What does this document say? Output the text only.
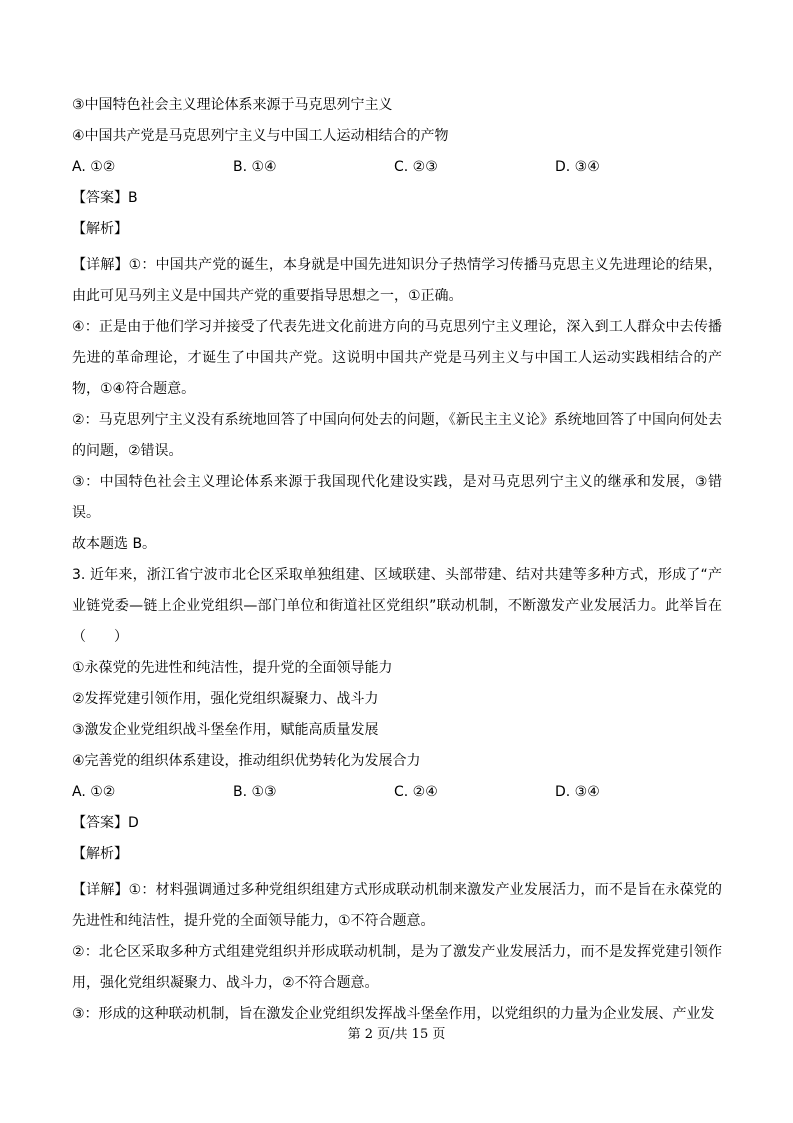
③中国特色社会主义理论体系来源于马克思列宁主义
④中国共产党是马克思列宁主义与中国工人运动相结合的产物
A. ①②	B. ①④	C. ②③	D. ③④
【答案】B
【解析】
【详解】①：中国共产党的诞生，本身就是中国先进知识分子热情学习传播马克思主义先进理论的结果，由此可见马列主义是中国共产党的重要指导思想之一，①正确。
④：正是由于他们学习并接受了代表先进文化前进方向的马克思列宁主义理论，深入到工人群众中去传播先进的革命理论，才诞生了中国共产党。这说明中国共产党是马列主义与中国工人运动实践相结合的产物，①④符合题意。
②：马克思列宁主义没有系统地回答了中国向何处去的问题，《新民主主义论》系统地回答了中国向何处去的问题，②错误。
③：中国特色社会主义理论体系来源于我国现代化建设实践，是对马克思列宁主义的继承和发展，③错误。
故本题选 B。
3. 近年来，浙江省宁波市北仑区采取单独组建、区域联建、头部带建、结对共建等多种方式，形成了“产业链党委—链上企业党组织—部门单位和街道社区党组织”联动机制，不断激发产业发展活力。此举旨在（　　）
①永葆党的先进性和纯洁性，提升党的全面领导能力
②发挥党建引领作用，强化党组织凝聚力、战斗力
③激发企业党组织战斗堡垒作用，赋能高质量发展
④完善党的组织体系建设，推动组织优势转化为发展合力
A. ①②	B. ①③	C. ②④	D. ③④
【答案】D
【解析】
【详解】①：材料强调通过多种党组织组建方式形成联动机制来激发产业发展活力，而不是旨在永葆党的先进性和纯洁性，提升党的全面领导能力，①不符合题意。
②：北仑区采取多种方式组建党组织并形成联动机制，是为了激发产业发展活力，而不是发挥党建引领作用，强化党组织凝聚力、战斗力，②不符合题意。
③：形成的这种联动机制，旨在激发企业党组织发挥战斗堡垒作用，以党组织的力量为企业发展、产业发
第 2 页/共 15 页
